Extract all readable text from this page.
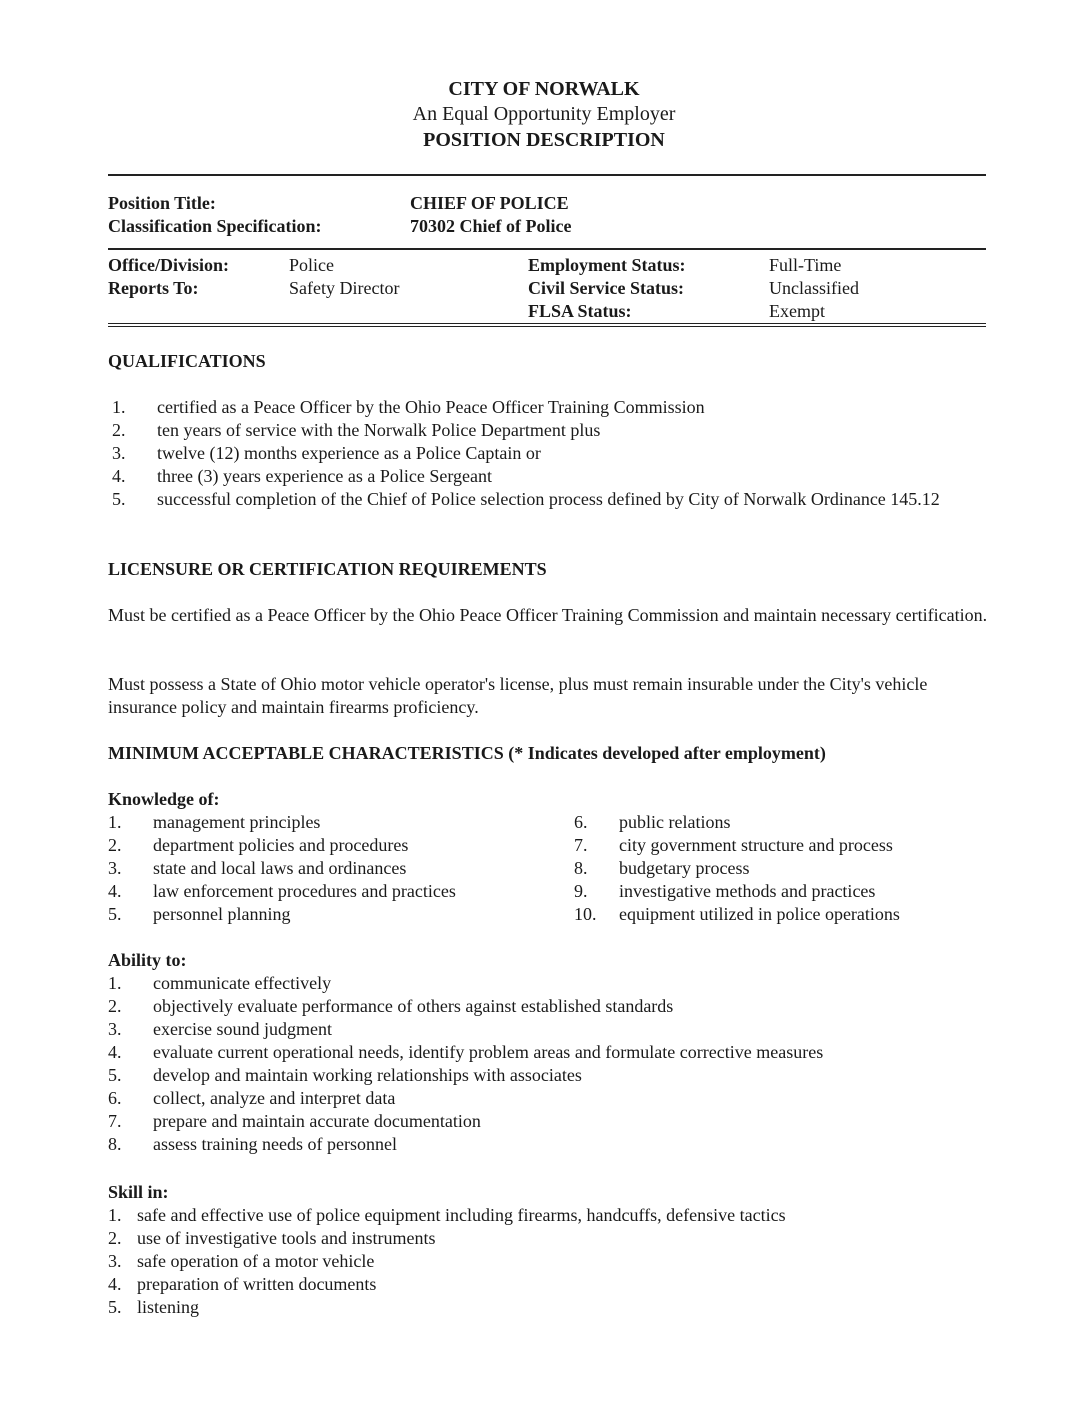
CITY OF NORWALK
An Equal Opportunity Employer
POSITION DESCRIPTION
Position Title:	CHIEF OF POLICE
Classification Specification:	70302 Chief of Police
Office/Division:	Police
Reports To:	Safety Director
Employment Status:	Full-Time
Civil Service Status:	Unclassified
FLSA Status:	Exempt
QUALIFICATIONS
1. certified as a Peace Officer by the Ohio Peace Officer Training Commission
2. ten years of service with the Norwalk Police Department plus
3. twelve (12) months experience as a Police Captain or
4. three (3) years experience as a Police Sergeant
5. successful completion of the Chief of Police selection process defined by City of Norwalk Ordinance 145.12
LICENSURE OR CERTIFICATION REQUIREMENTS
Must be certified as a Peace Officer by the Ohio Peace Officer Training Commission and maintain necessary certification.
Must possess a State of Ohio motor vehicle operator's license, plus must remain insurable under the City's vehicle insurance policy and maintain firearms proficiency.
MINIMUM ACCEPTABLE CHARACTERISTICS (* Indicates developed after employment)
Knowledge of:
1. management principles
2. department policies and procedures
3. state and local laws and ordinances
4. law enforcement procedures and practices
5. personnel planning
6. public relations
7. city government structure and process
8. budgetary process
9. investigative methods and practices
10. equipment utilized in police operations
Ability to:
1. communicate effectively
2. objectively evaluate performance of others against established standards
3. exercise sound judgment
4. evaluate current operational needs, identify problem areas and formulate corrective measures
5. develop and maintain working relationships with associates
6. collect, analyze and interpret data
7. prepare and maintain accurate documentation
8. assess training needs of personnel
Skill in:
1. safe and effective use of police equipment including firearms, handcuffs, defensive tactics
2. use of investigative tools and instruments
3. safe operation of a motor vehicle
4. preparation of written documents
5. listening
